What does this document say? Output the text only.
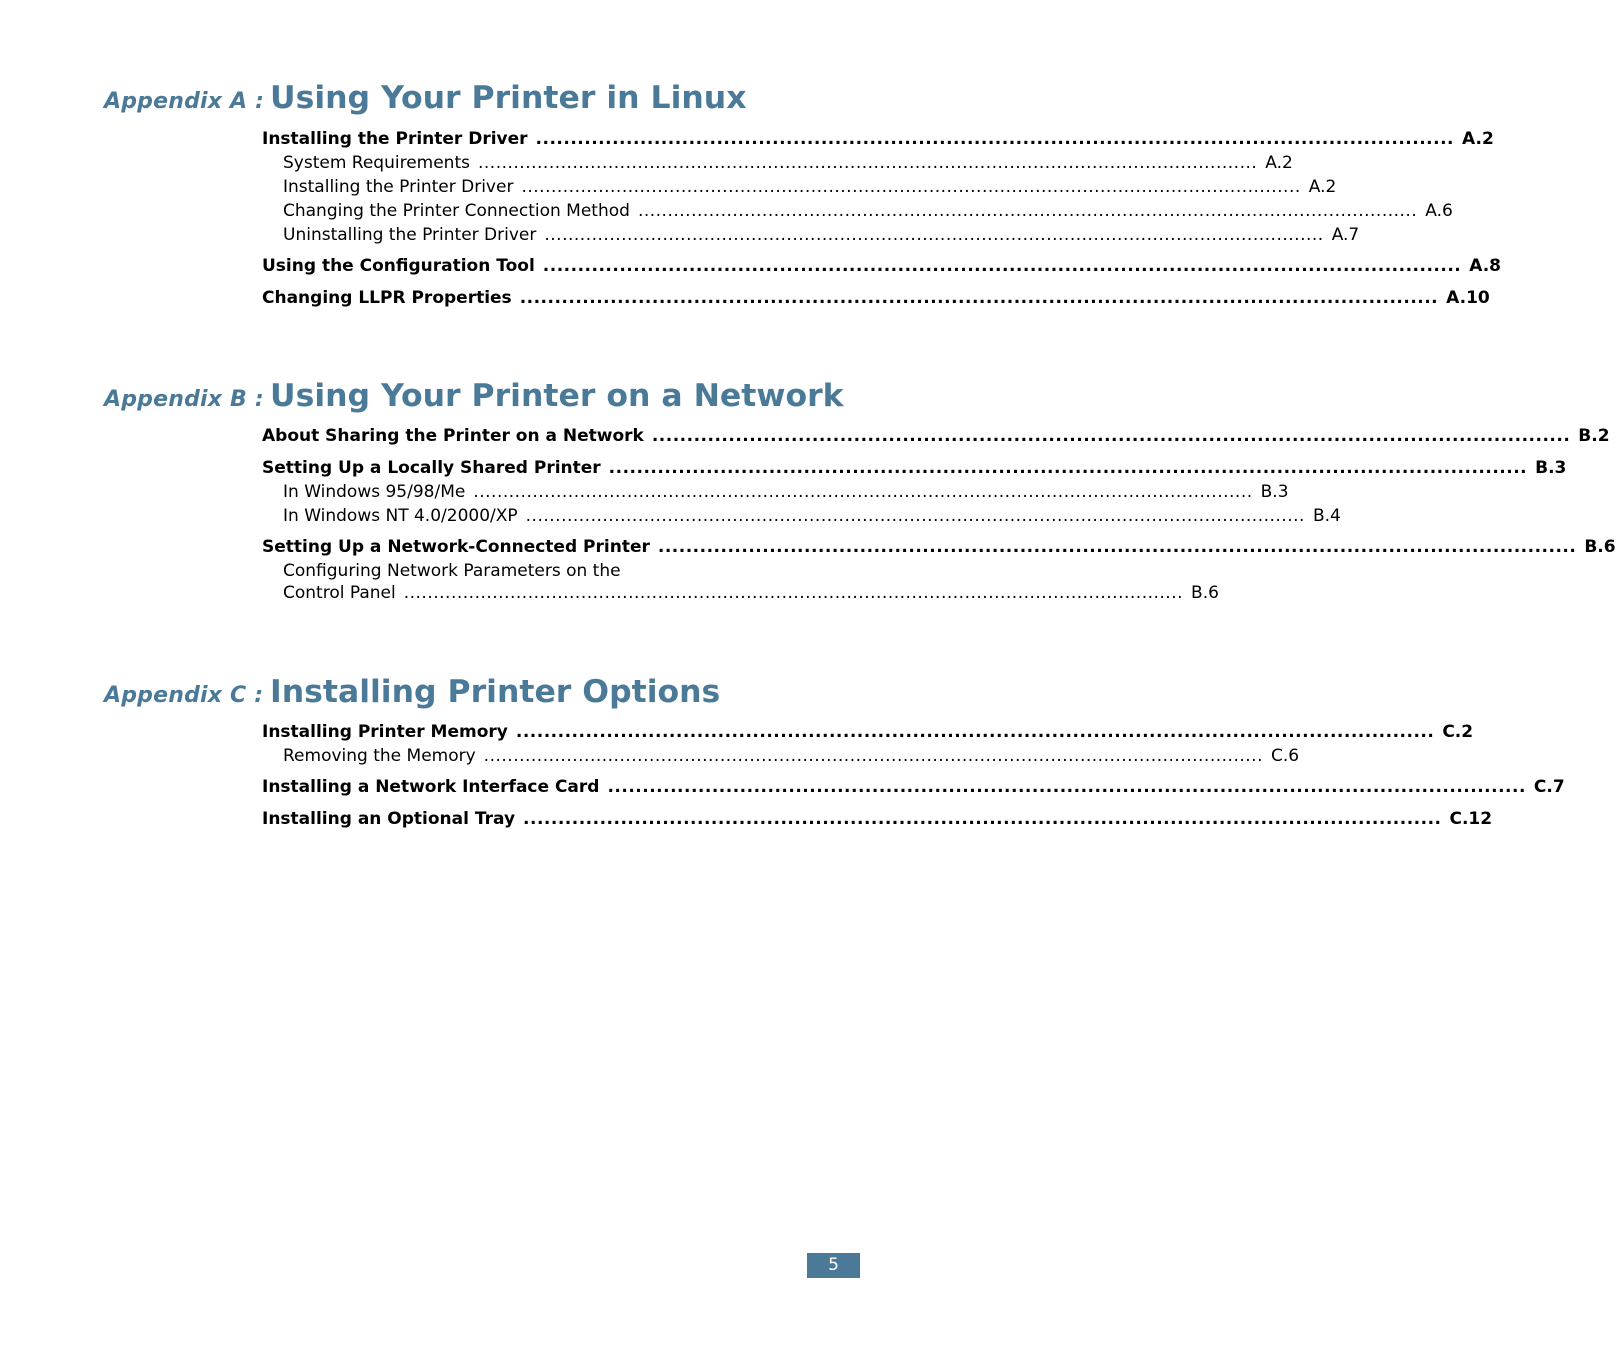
Appendix A : Using Your Printer in Linux
Installing the Printer Driver .................................................................................................................................... A.2
System Requirements .................................................................................................................................... A.2
Installing the Printer Driver .................................................................................................................................... A.2
Changing the Printer Connection Method .................................................................................................................................... A.6
Uninstalling the Printer Driver .................................................................................................................................... A.7
Using the Configuration Tool .................................................................................................................................... A.8
Changing LLPR Properties .................................................................................................................................... A.10
Appendix B : Using Your Printer on a Network
About Sharing the Printer on a Network .................................................................................................................................... B.2
Setting Up a Locally Shared Printer .................................................................................................................................... B.3
In Windows 95/98/Me .................................................................................................................................... B.3
In Windows NT 4.0/2000/XP .................................................................................................................................... B.4
Setting Up a Network-Connected Printer .................................................................................................................................... B.6
Configuring Network Parameters on the
Control Panel .................................................................................................................................... B.6
Appendix C : Installing Printer Options
Installing Printer Memory .................................................................................................................................... C.2
Removing the Memory .................................................................................................................................... C.6
Installing a Network Interface Card .................................................................................................................................... C.7
Installing an Optional Tray .................................................................................................................................... C.12
5
